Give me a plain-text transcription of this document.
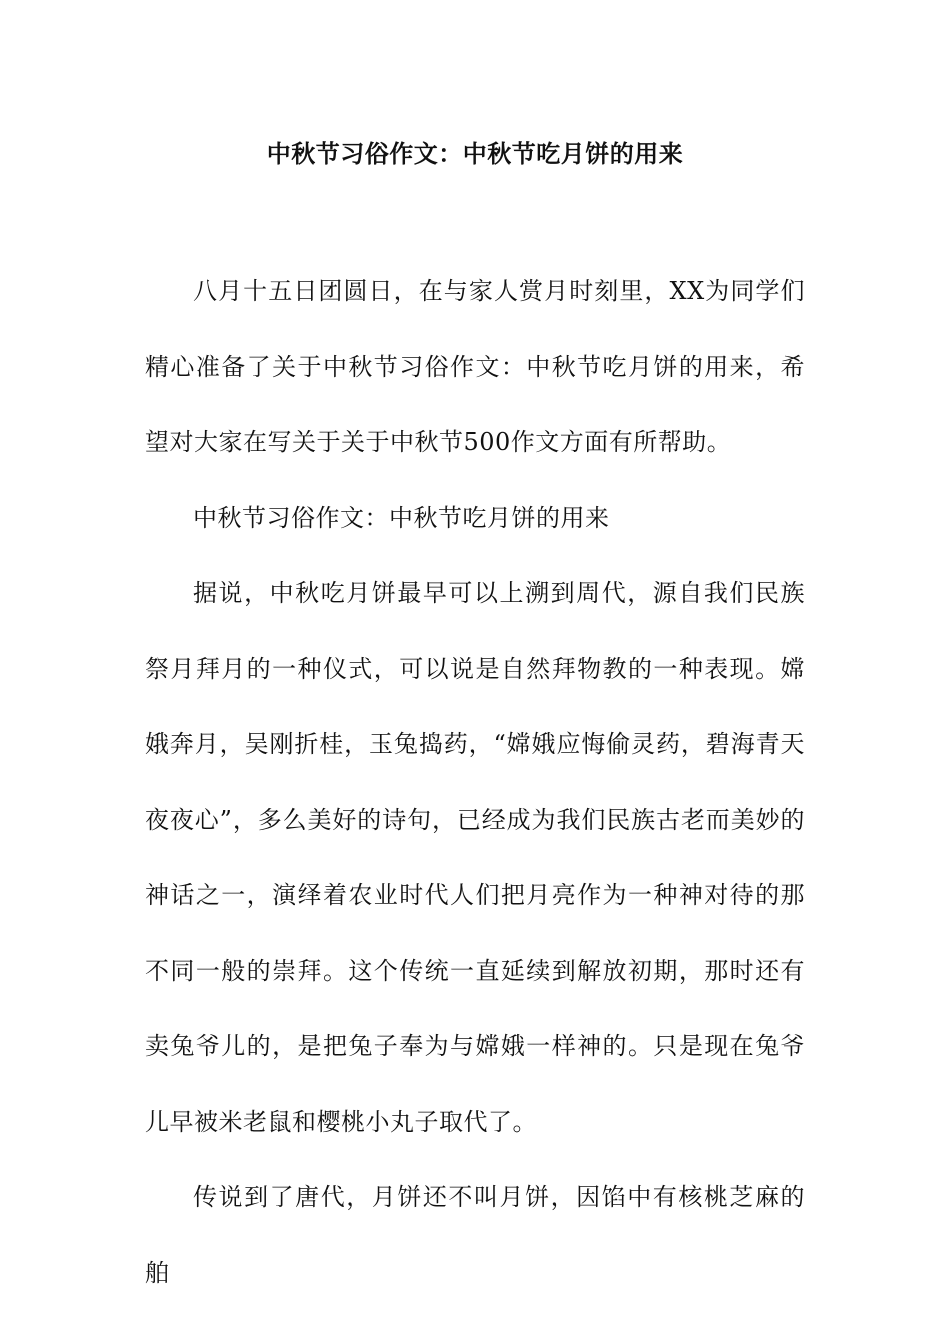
中秋节习俗作文：中秋节吃月饼的用来

八月十五日团圆日，在与家人赏月时刻里，XX为同学们精心准备了关于中秋节习俗作文：中秋节吃月饼的用来，希望对大家在写关于关于中秋节500作文方面有所帮助。

中秋节习俗作文：中秋节吃月饼的用来

据说，中秋吃月饼最早可以上溯到周代，源自我们民族祭月拜月的一种仪式，可以说是自然拜物教的一种表现。嫦娥奔月，吴刚折桂，玉兔捣药，“嫦娥应悔偷灵药，碧海青天夜夜心”，多么美好的诗句，已经成为我们民族古老而美妙的神话之一，演绎着农业时代人们把月亮作为一种神对待的那不同一般的崇拜。这个传统一直延续到解放初期，那时还有卖兔爷儿的，是把兔子奉为与嫦娥一样神的。只是现在兔爷儿早被米老鼠和樱桃小丸子取代了。

传说到了唐代，月饼还不叫月饼，因馅中有核桃芝麻的舶
